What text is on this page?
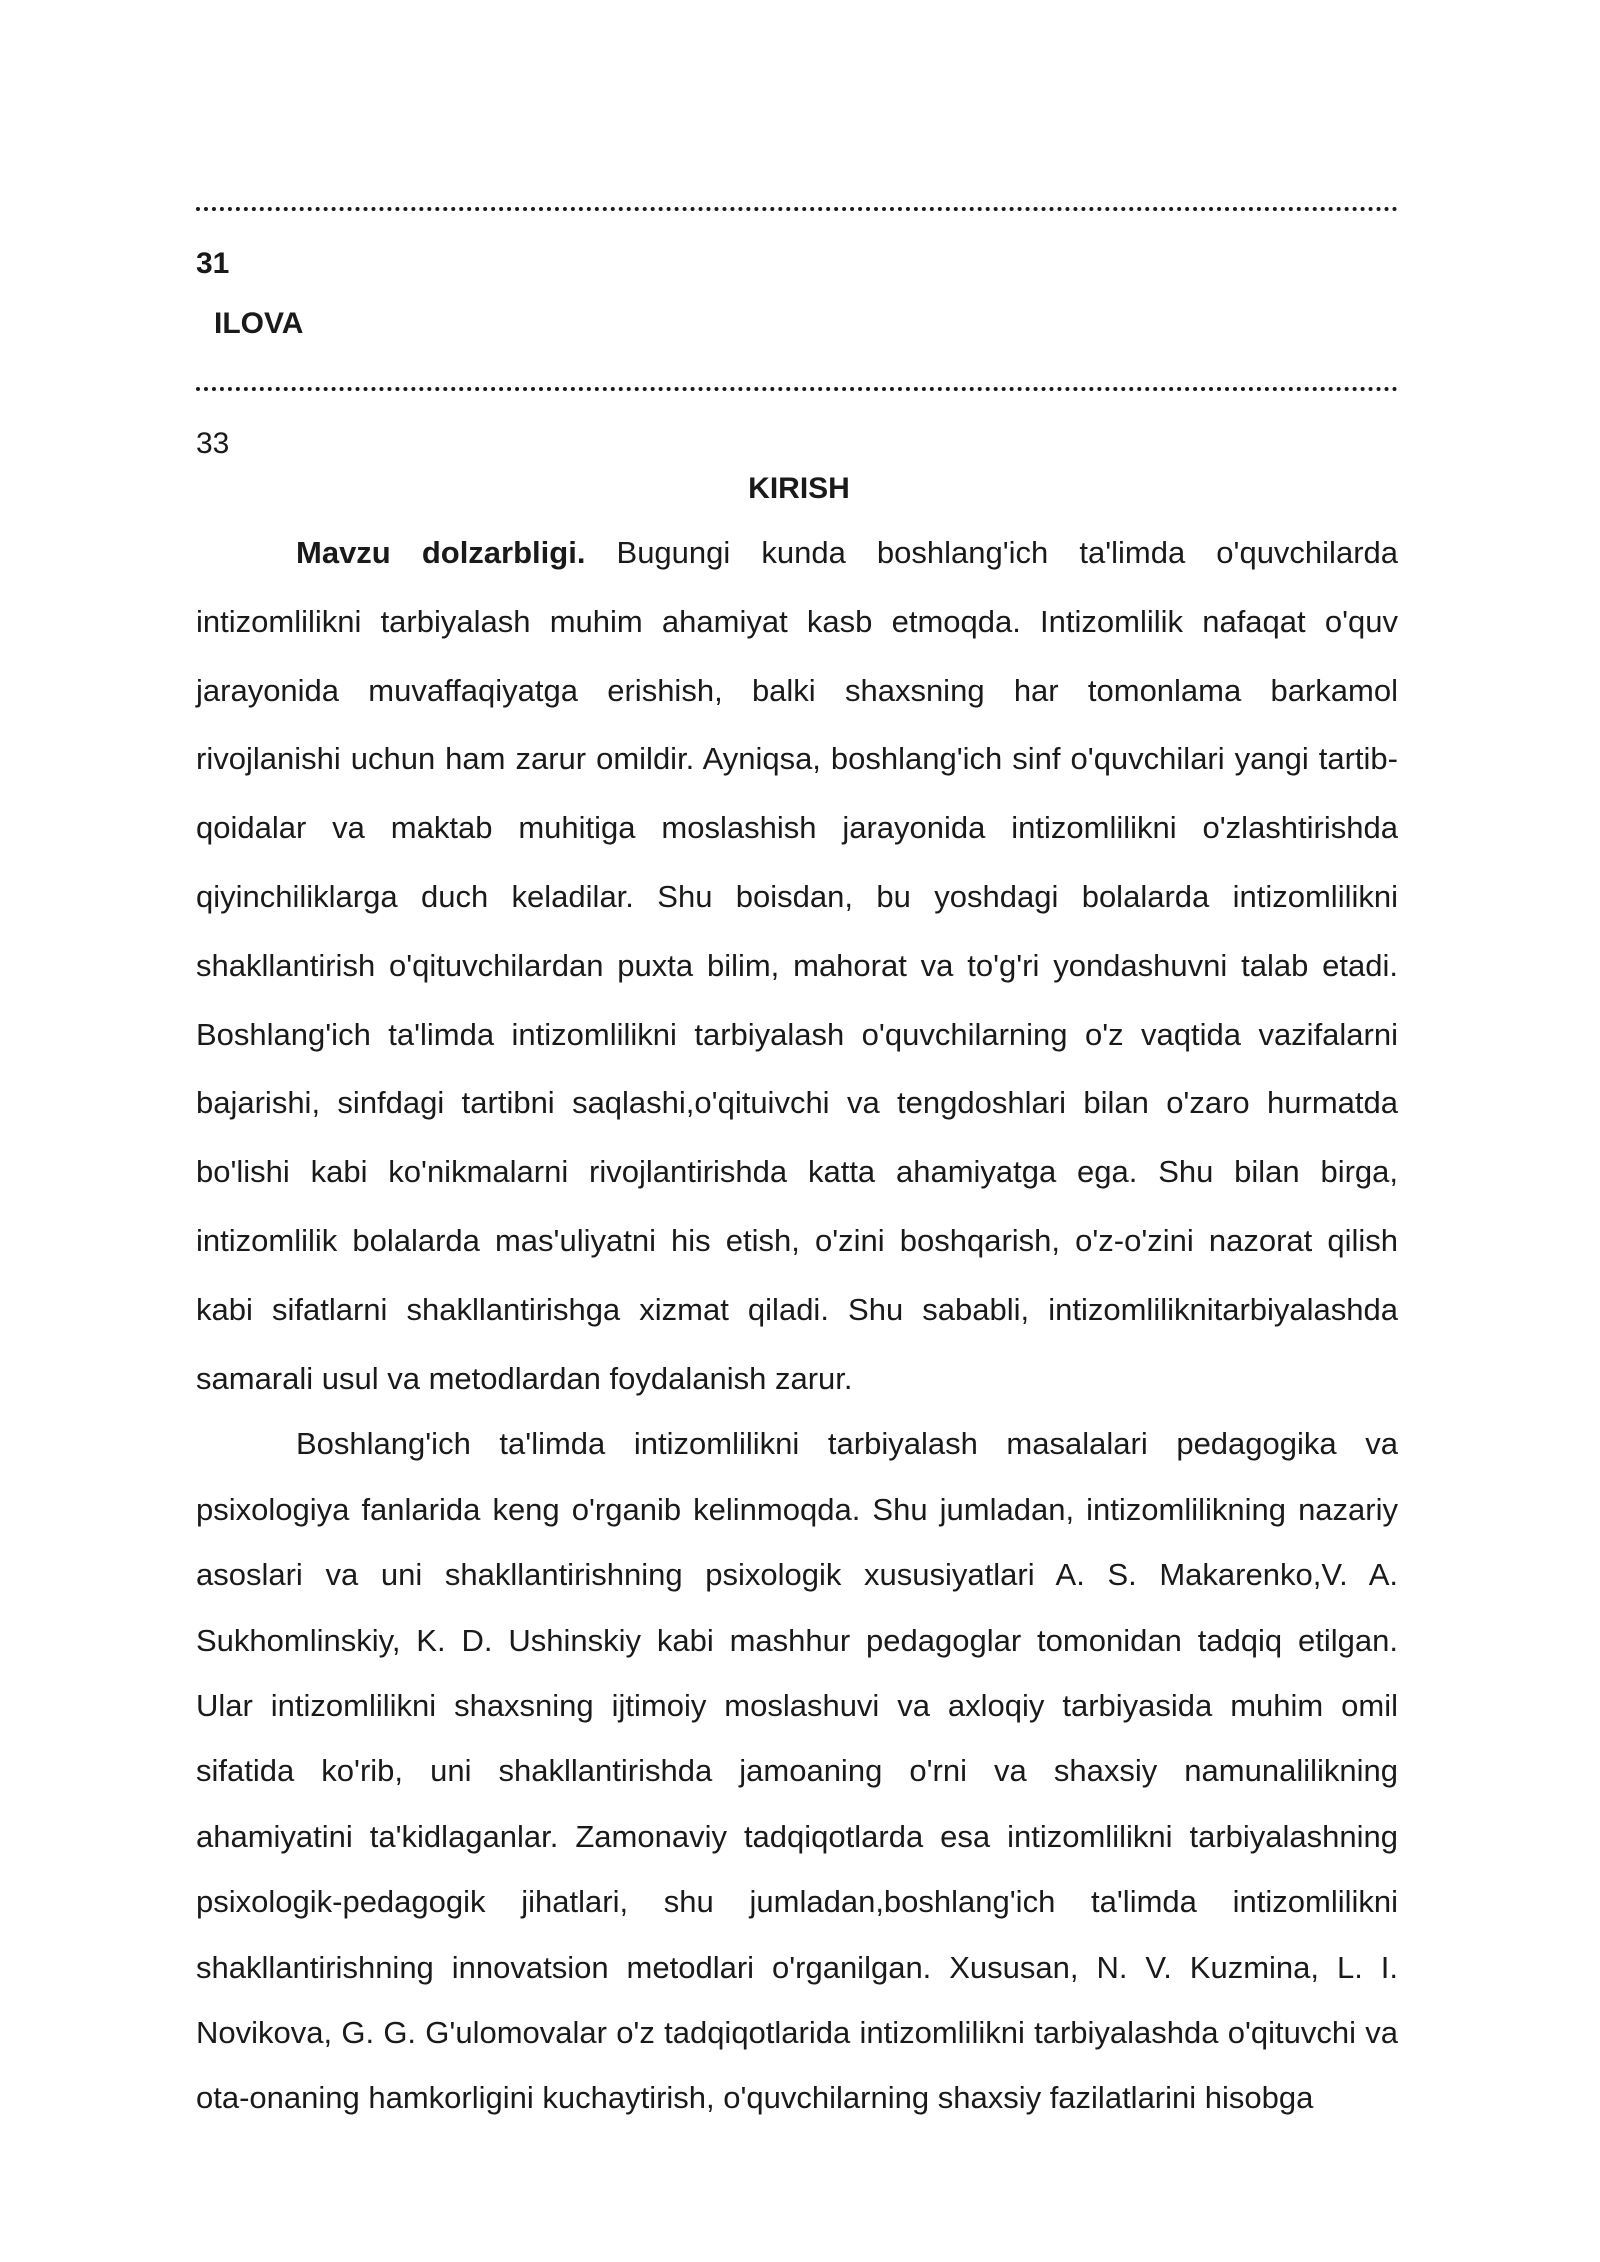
31
ILOVA
33
KIRISH

Mavzu dolzarbligi. Bugungi kunda boshlang'ich ta'limda o'quvchilarda intizomlilikni tarbiyalash muhim ahamiyat kasb etmoqda. Intizomlilik nafaqat o'quv jarayonida muvaffaqiyatga erishish, balki shaxsning har tomonlama barkamol rivojlanishi uchun ham zarur omildir. Ayniqsa, boshlang'ich sinf o'quvchilari yangi tartib-qoidalar va maktab muhitiga moslashish jarayonida intizomlilikni o'zlashtirishda qiyinchiliklarga duch keladilar. Shu boisdan, bu yoshdagi bolalarda intizomlilikni shakllantirish o'qituvchilardan puxta bilim, mahorat va to'g'ri yondashuvni talab etadi. Boshlang'ich ta'limda intizomlilikni tarbiyalash o'quvchilarning o'z vaqtida vazifalarni bajarishi, sinfdagi tartibni saqlashi,o'qituivchi va tengdoshlari bilan o'zaro hurmatda bo'lishi kabi ko'nikmalarni rivojlantirishda katta ahamiyatga ega. Shu bilan birga, intizomlilik bolalarda mas'uliyatni his etish, o'zini boshqarish, o'z-o'zini nazorat qilish kabi sifatlarni shakllantirishga xizmat qiladi. Shu sababli, intizomliliknitarbiyalashda samarali usul va metodlardan foydalanish zarur.

Boshlang'ich ta'limda intizomlilikni tarbiyalash masalalari pedagogika va psixologiya fanlarida keng o'rganib kelinmoqda. Shu jumladan, intizomlilikning nazariy asoslari va uni shakllantirishning psixologik xususiyatlari A. S. Makarenko,V. A. Sukhomlinskiy, K. D. Ushinskiy kabi mashhur pedagoglar tomonidan tadqiq etilgan. Ular intizomlilikni shaxsning ijtimoiy moslashuvi va axloqiy tarbiyasida muhim omil sifatida ko'rib, uni shakllantirishda jamoaning o'rni va shaxsiy namunalilikning ahamiyatini ta'kidlaganlar. Zamonaviy tadqiqotlarda esa intizomlilikni tarbiyalashning psixologik-pedagogik jihatlari, shu jumladan,boshlang'ich ta'limda intizomlilikni shakllantirishning innovatsion metodlari o'rganilgan. Xususan, N. V. Kuzmina, L. I. Novikova, G. G. G'ulomovalar o'z tadqiqotlarida intizomlilikni tarbiyalashda o'qituvchi va ota-onaning hamkorligini kuchaytirish, o'quvchilarning shaxsiy fazilatlarini hisobga
